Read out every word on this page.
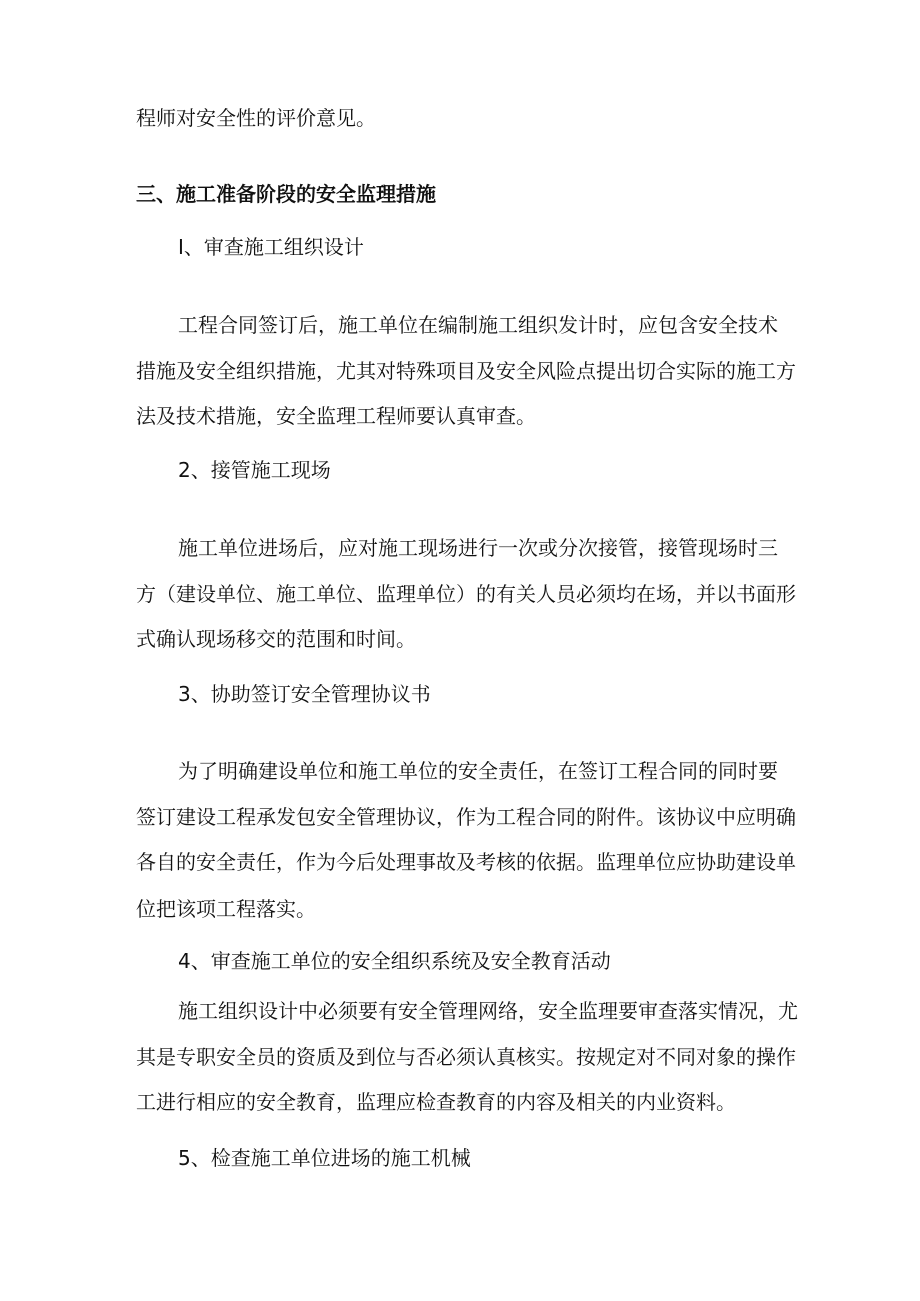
程师对安全性的评价意见。
三、施工准备阶段的安全监理措施
I、审查施工组织设计
工程合同签订后，施工单位在编制施工组织发计时，应包含安全技术
措施及安全组织措施，尤其对特殊项目及安全风险点提出切合实际的施工方
法及技术措施，安全监理工程师要认真审查。
2、接管施工现场
施工单位进场后，应对施工现场进行一次或分次接管，接管现场时三
方（建设单位、施工单位、监理单位）的有关人员必须均在场，并以书面形
式确认现场移交的范围和时间。
3、协助签订安全管理协议书
为了明确建设单位和施工单位的安全责任，在签订工程合同的同时要
签订建设工程承发包安全管理协议，作为工程合同的附件。该协议中应明确
各自的安全责任，作为今后处理事故及考核的依据。监理单位应协助建设单
位把该项工程落实。
4、审查施工单位的安全组织系统及安全教育活动
施工组织设计中必须要有安全管理网络，安全监理要审查落实情况，尤
其是专职安全员的资质及到位与否必须认真核实。按规定对不同对象的操作
工进行相应的安全教育，监理应检查教育的内容及相关的内业资料。
5、检查施工单位进场的施工机械
